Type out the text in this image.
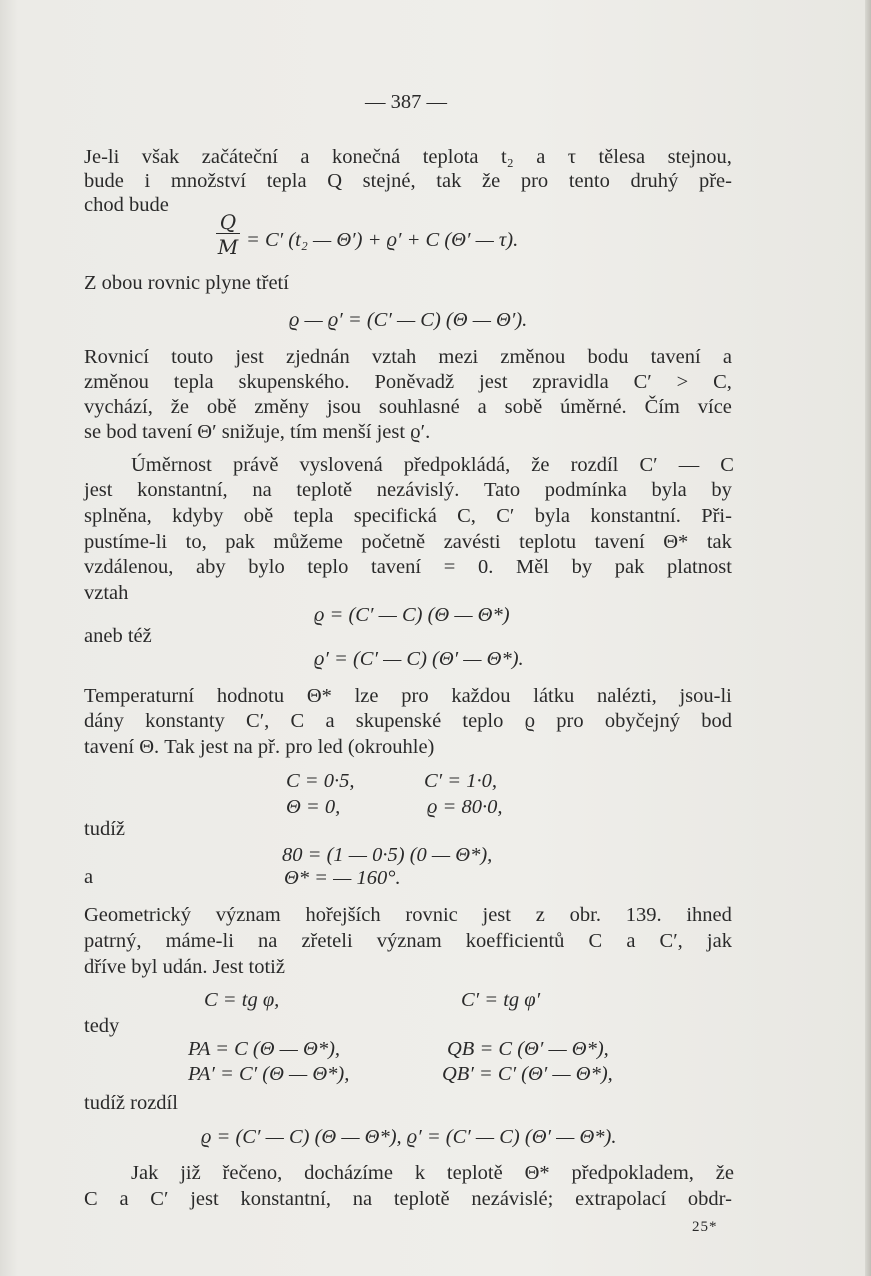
— 387 —
Je-li však začáteční a konečná teplota t₂ a τ tělesa stejnou,
bude i množství tepla Q stejné, tak že pro tento druhý pře-
chod bude
$\frac{Q}{M} = C'$ (t₂ — Θ′) + ϱ′ + C (Θ′ — τ).
Z obou rovnic plyne třetí
ϱ — ϱ′ = (C′ — C) (Θ — Θ′).
Rovnicí touto jest zjednán vztah mezi změnou bodu tavení a
změnou tepla skupenského. Poněvadž jest zpravidla C′ > C,
vychází, že obě změny jsou souhlasné a sobě úměrné. Čím více
se bod tavení Θ′ snižuje, tím menší jest ϱ′.
Úměrnost právě vyslovená předpokládá, že rozdíl C′ — C
jest konstantní, na teplotě nezávislý. Tato podmínka byla by
splněna, kdyby obě tepla specifická C, C′ byla konstantní. Při-
pustíme-li to, pak můžeme početně zavésti teplotu tavení Θ* tak
vzdálenou, aby bylo teplo tavení = 0. Měl by pak platnost
vztah
ϱ = (C′ — C) (Θ — Θ*)
aneb též
ϱ′ = (C′ — C) (Θ′ — Θ*).
Temperaturní hodnotu Θ* lze pro každou látku nalézti, jsou-li
dány konstanty C′, C a skupenské teplo ϱ pro obyčejný bod
tavení Θ. Tak jest na př. pro led (okrouhle)
C = 0·5,	C′ = 1·0,
Θ = 0,	ϱ = 80·0,
tudíž
80 = (1 — 0·5) (0 — Θ*),
a	Θ* = — 160°.
Geometrický význam hořejších rovnic jest z obr. 139. ihned
patrný, máme-li na zřeteli význam koefficientů C a C′, jak
dříve byl udán. Jest totiž
C = tg φ,	C′ = tg φ′
tedy
PA = C (Θ — Θ*),	QB = C (Θ′ — Θ*),
PA′ = C′ (Θ — Θ*),	QB′ = C′ (Θ′ — Θ*),
tudíž rozdíl
ϱ = (C′ — C) (Θ — Θ*), ϱ′ = (C′ — C) (Θ′ — Θ*).
Jak již řečeno, docházíme k teplotě Θ* předpokladem, že
C a C′ jest konstantní, na teplotě nezávislé; extrapolací obdr-
25*
